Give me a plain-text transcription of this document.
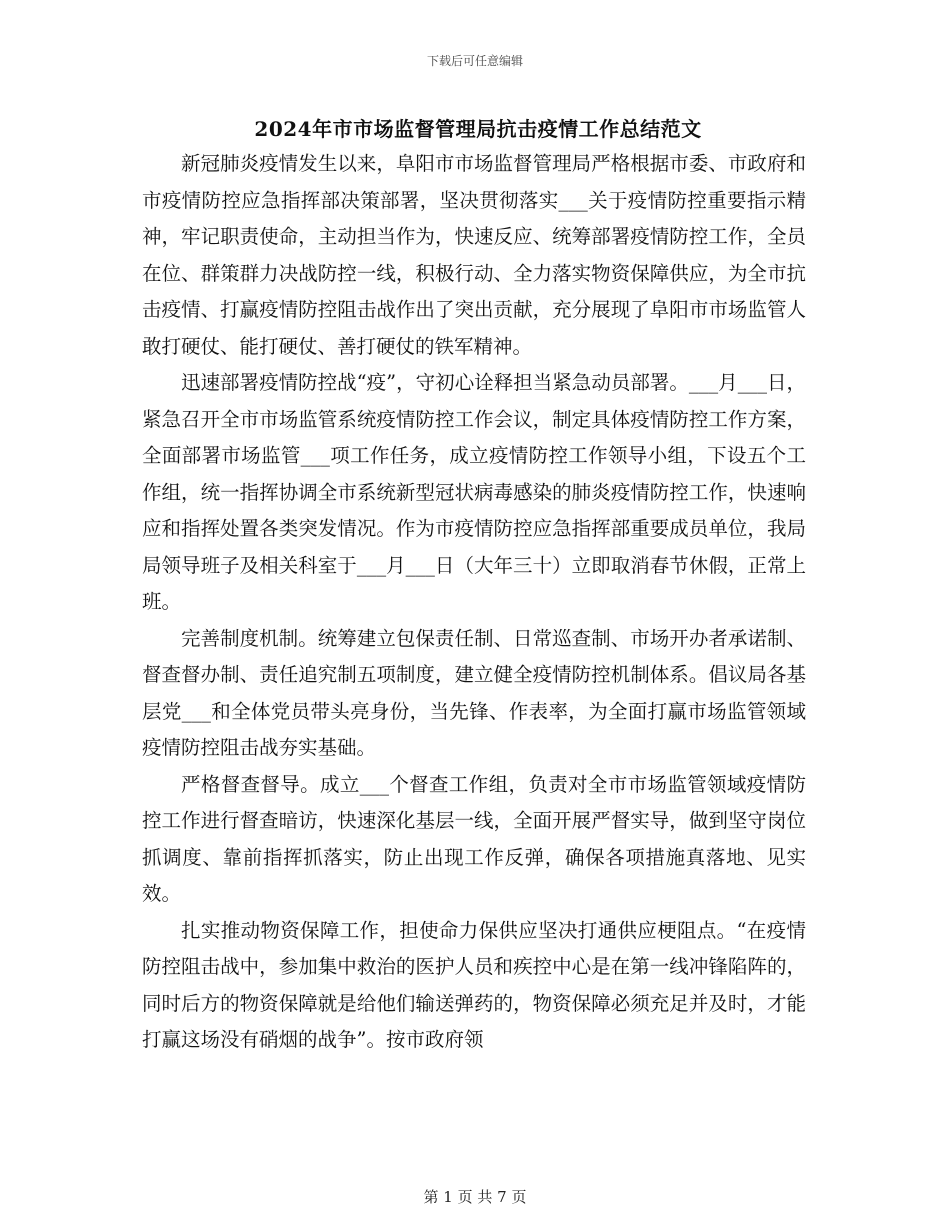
下载后可任意编辑
2024年市市场监督管理局抗击疫情工作总结范文

新冠肺炎疫情发生以来，阜阳市市场监督管理局严格根据市委、市政府和市疫情防控应急指挥部决策部署，坚决贯彻落实___关于疫情防控重要指示精神，牢记职责使命，主动担当作为，快速反应、统筹部署疫情防控工作，全员在位、群策群力决战防控一线，积极行动、全力落实物资保障供应，为全市抗击疫情、打赢疫情防控阻击战作出了突出贡献，充分展现了阜阳市市场监管人敢打硬仗、能打硬仗、善打硬仗的铁军精神。

迅速部署疫情防控战“疫”，守初心诠释担当紧急动员部署。___月___日，紧急召开全市市场监管系统疫情防控工作会议，制定具体疫情防控工作方案，全面部署市场监管___项工作任务，成立疫情防控工作领导小组，下设五个工作组，统一指挥协调全市系统新型冠状病毒感染的肺炎疫情防控工作，快速响应和指挥处置各类突发情况。作为市疫情防控应急指挥部重要成员单位，我局局领导班子及相关科室于___月___日（大年三十）立即取消春节休假，正常上班。

完善制度机制。统筹建立包保责任制、日常巡查制、市场开办者承诺制、督查督办制、责任追究制五项制度，建立健全疫情防控机制体系。倡议局各基层党___和全体党员带头亮身份，当先锋、作表率，为全面打赢市场监管领域疫情防控阻击战夯实基础。

严格督查督导。成立___个督查工作组，负责对全市市场监管领域疫情防控工作进行督查暗访，快速深化基层一线，全面开展严督实导，做到坚守岗位抓调度、靠前指挥抓落实，防止出现工作反弹，确保各项措施真落地、见实效。

扎实推动物资保障工作，担使命力保供应坚决打通供应梗阻点。“在疫情防控阻击战中，参加集中救治的医护人员和疾控中心是在第一线冲锋陷阵的，同时后方的物资保障就是给他们输送弹药的，物资保障必须充足并及时，才能打赢这场没有硝烟的战争”。按市政府领

第 1 页 共 7 页
